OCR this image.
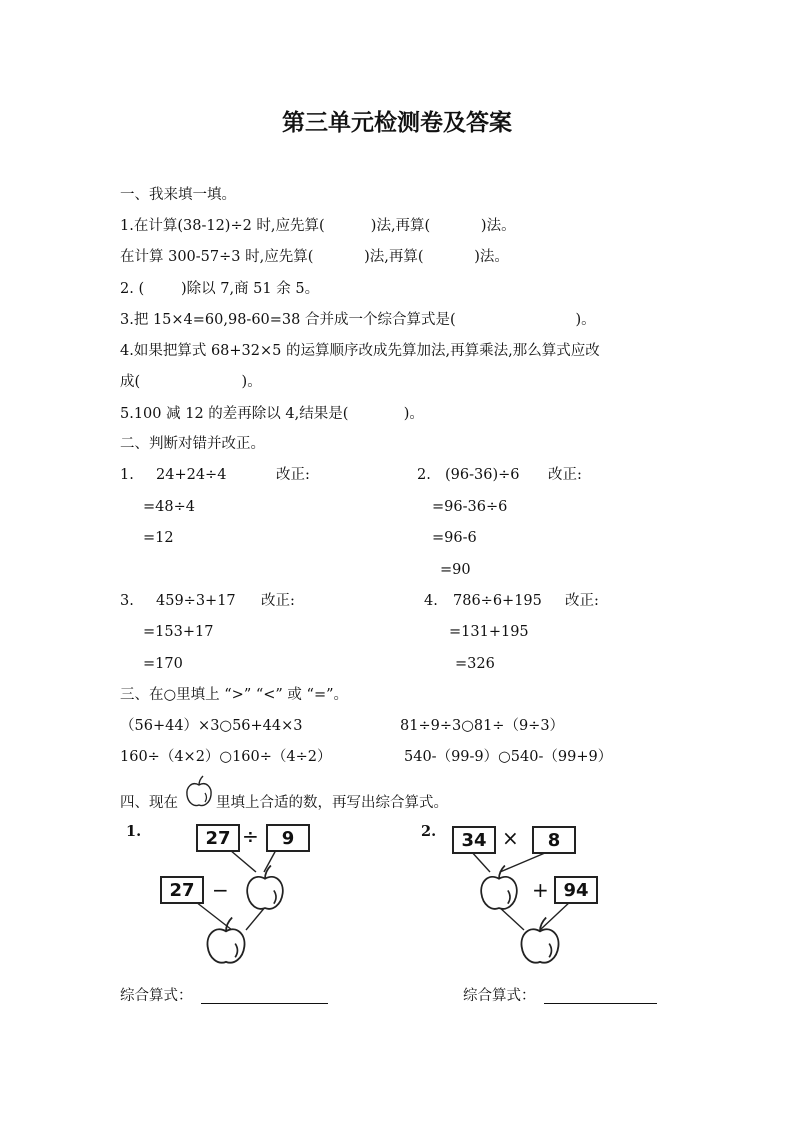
第三单元检测卷及答案
一、我来填一填。
1.在计算(38-12)÷2 时,应先算(          )法,再算(           )法。
在计算 300-57÷3 时,应先算(           )法,再算(           )法。
2. (        )除以 7,商 51 余 5。
3.把 15×4=60,98-60=38 合并成一个综合算式是(                          )。
4.如果把算式 68+32×5 的运算顺序改成先算加法,再算乘法,那么算式应改
成(                      )。
5.100 减 12 的差再除以 4,结果是(            )。
二、判断对错并改正。
1. 24+24÷4	改正:
=48÷4
=12
2. (96-36)÷6 改正:
=96-36÷6
=96-6
=90
3. 459÷3+17 改正:
=153+17
=170
4. 786÷6+195 改正:
=131+195
=326
三、在○里填上 “>” “<” 或 “=”。
（56+44）×3○56+44×3	81÷9÷3○81÷（9÷3）
160÷（4×2）○160÷（4÷2）	540-（99-9）○540-（99+9）
四、现在	里填上合适的数，再写出综合算式。
1.	27 ÷	9
27 −
2.	34 ×	8
+ 94
综合算式：	综合算式：
